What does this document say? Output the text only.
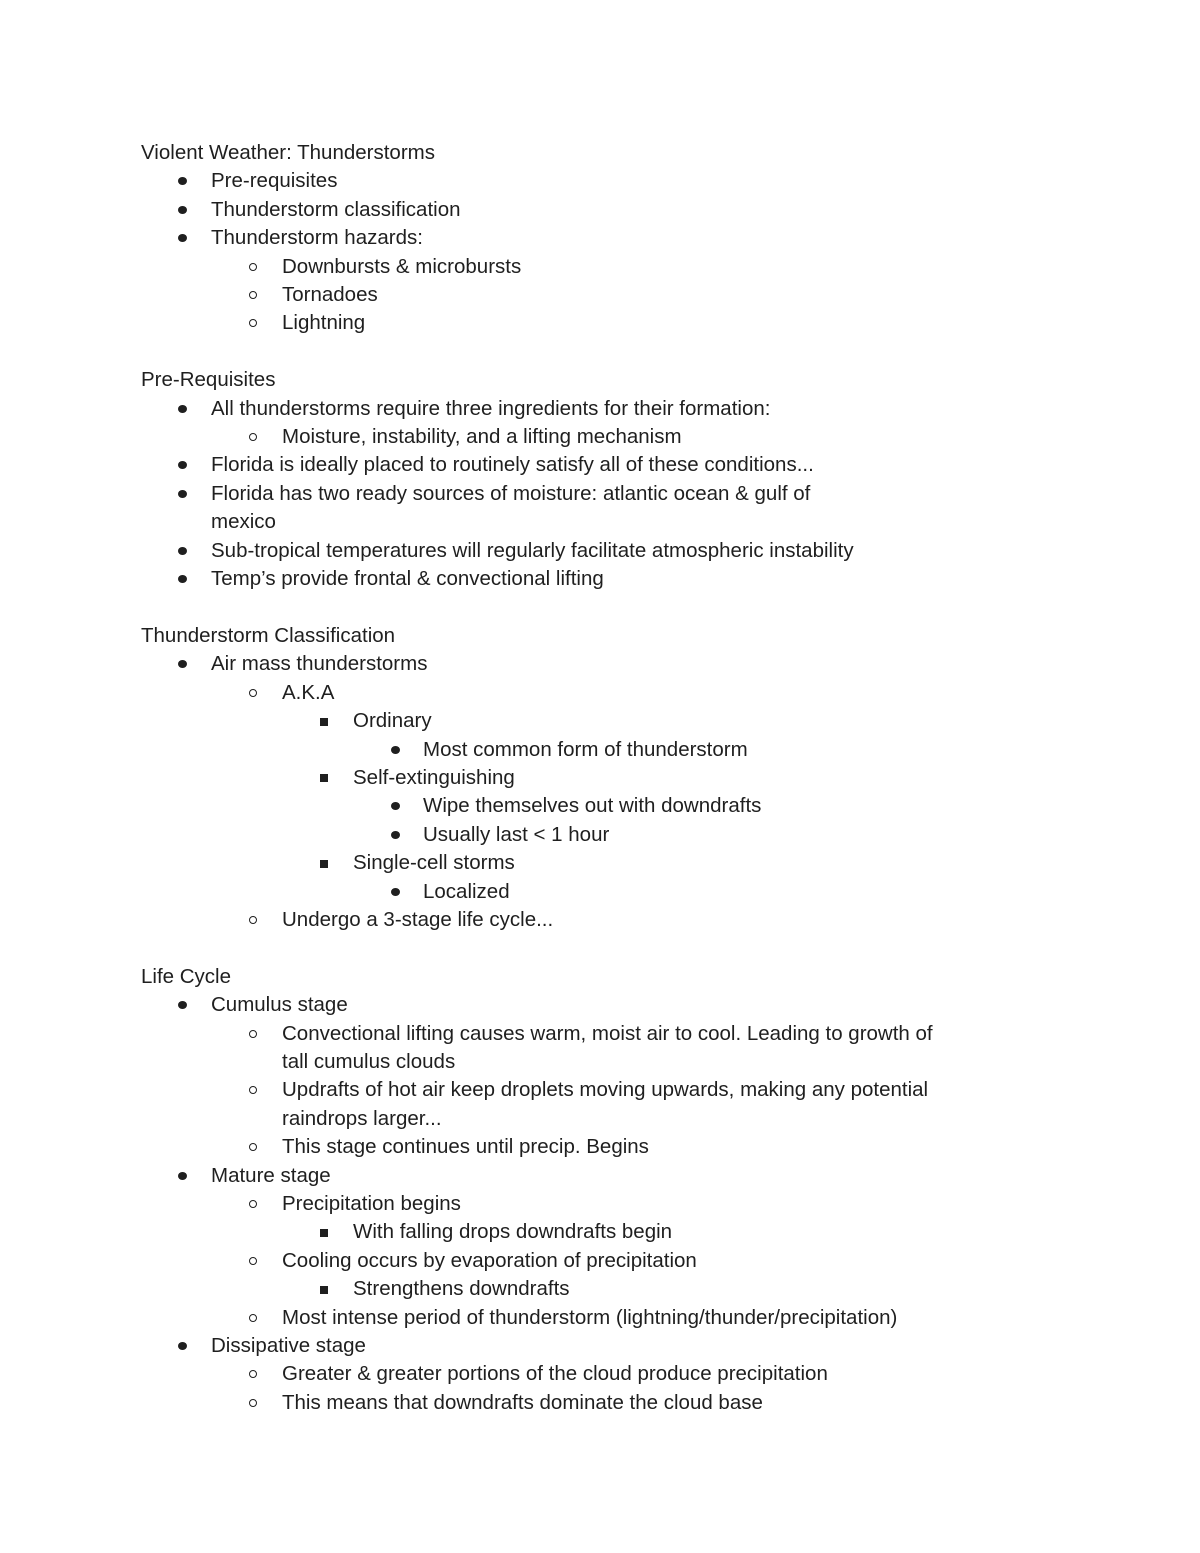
Violent Weather: Thunderstorms
Pre-requisites
Thunderstorm classification
Thunderstorm hazards:
Downbursts & microbursts
Tornadoes
Lightning
Pre-Requisites
All thunderstorms require three ingredients for their formation:
Moisture, instability, and a lifting mechanism
Florida is ideally placed to routinely satisfy all of these conditions...
Florida has two ready sources of moisture: atlantic ocean & gulf of mexico
Sub-tropical temperatures will regularly facilitate atmospheric instability
Temp’s provide frontal & convectional lifting
Thunderstorm Classification
Air mass thunderstorms
A.K.A
Ordinary
Most common form of thunderstorm
Self-extinguishing
Wipe themselves out with downdrafts
Usually last < 1 hour
Single-cell storms
Localized
Undergo a 3-stage life cycle...
Life Cycle
Cumulus stage
Convectional lifting causes warm, moist air to cool. Leading to growth of tall cumulus clouds
Updrafts of hot air keep droplets moving upwards, making any potential raindrops larger...
This stage continues until precip. Begins
Mature stage
Precipitation begins
With falling drops downdrafts begin
Cooling occurs by evaporation of precipitation
Strengthens downdrafts
Most intense period of thunderstorm (lightning/thunder/precipitation)
Dissipative stage
Greater & greater portions of the cloud produce precipitation
This means that downdrafts dominate the cloud base
